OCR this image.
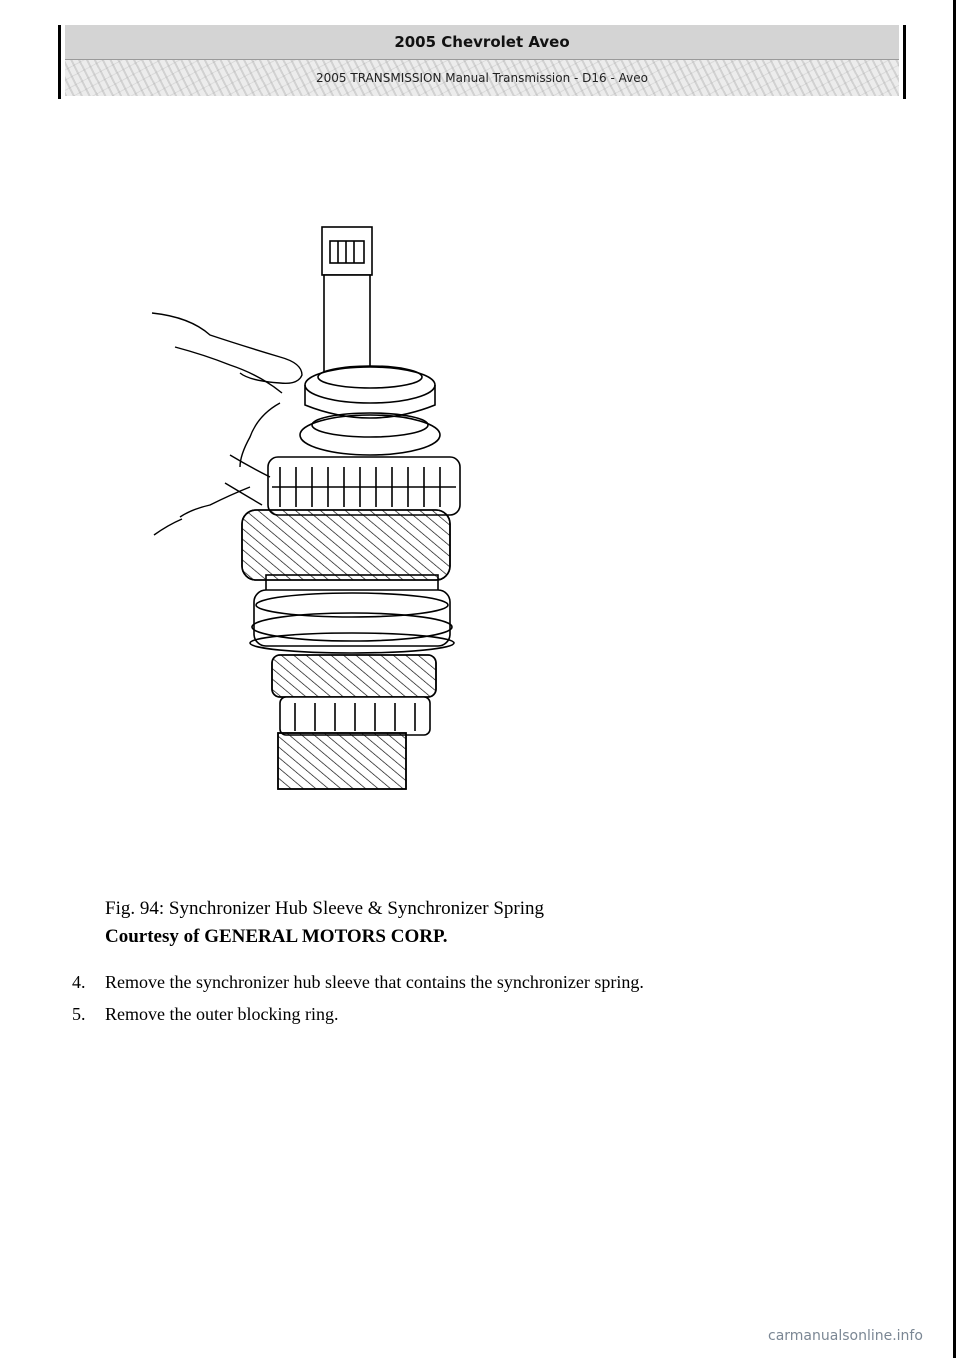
2005 Chevrolet Aveo
2005 TRANSMISSION Manual Transmission - D16 - Aveo
Fig. 94: Synchronizer Hub Sleeve & Synchronizer Spring
Courtesy of GENERAL MOTORS CORP.
4.	Remove the synchronizer hub sleeve that contains the synchronizer spring.
5.	Remove the outer blocking ring.
carmanualsonline.info
